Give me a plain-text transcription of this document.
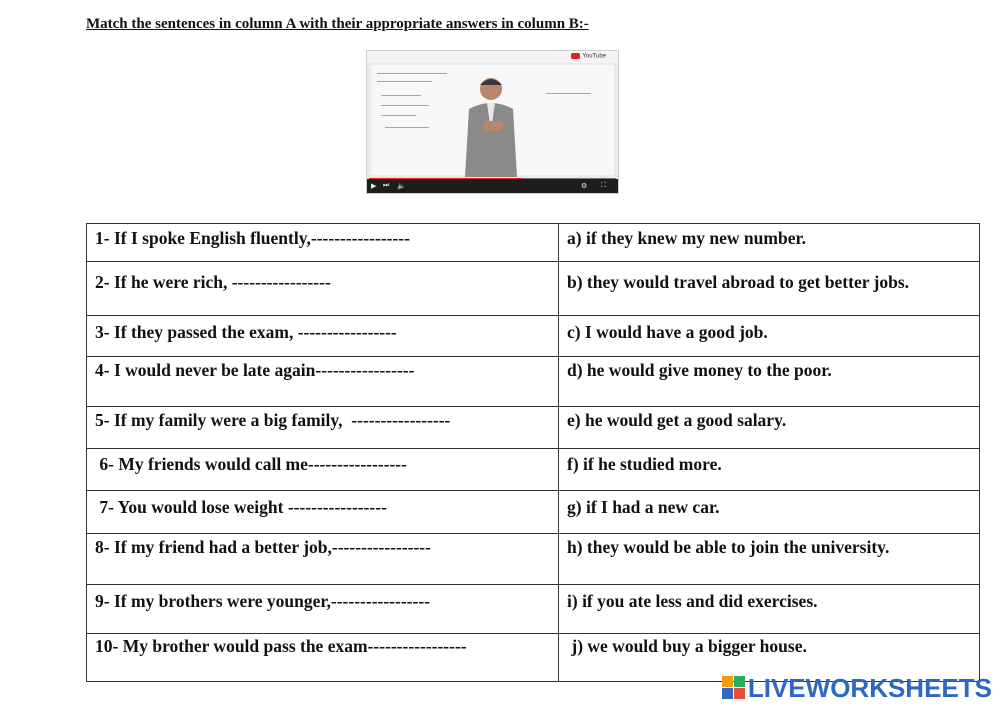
Match the sentences in column A with their appropriate answers in column B:-
YouTube
▶ ⏭ 🔈	⚙ ⛶
1- If I spoke English fluently,-----------------	a) if they knew my new number.

2- If he were rich, -----------------	b) they would travel abroad to get better jobs.

3- If they passed the exam, -----------------	c) I would have a good job.

4- I would never be late again-----------------	d) he would give money to the poor.

5- If my family were a big family,  -----------------	e) he would get a good salary.

6- My friends would call me-----------------	f) if he studied more.

7- You would lose weight -----------------	g) if I had a new car.

8- If my friend had a better job,-----------------	h) they would be able to join the university.

9- If my brothers were younger,-----------------	i) if you ate less and did exercises.

10- My brother would pass the exam-----------------	j) we would buy a bigger house.
LIVEWORKSHEETS
